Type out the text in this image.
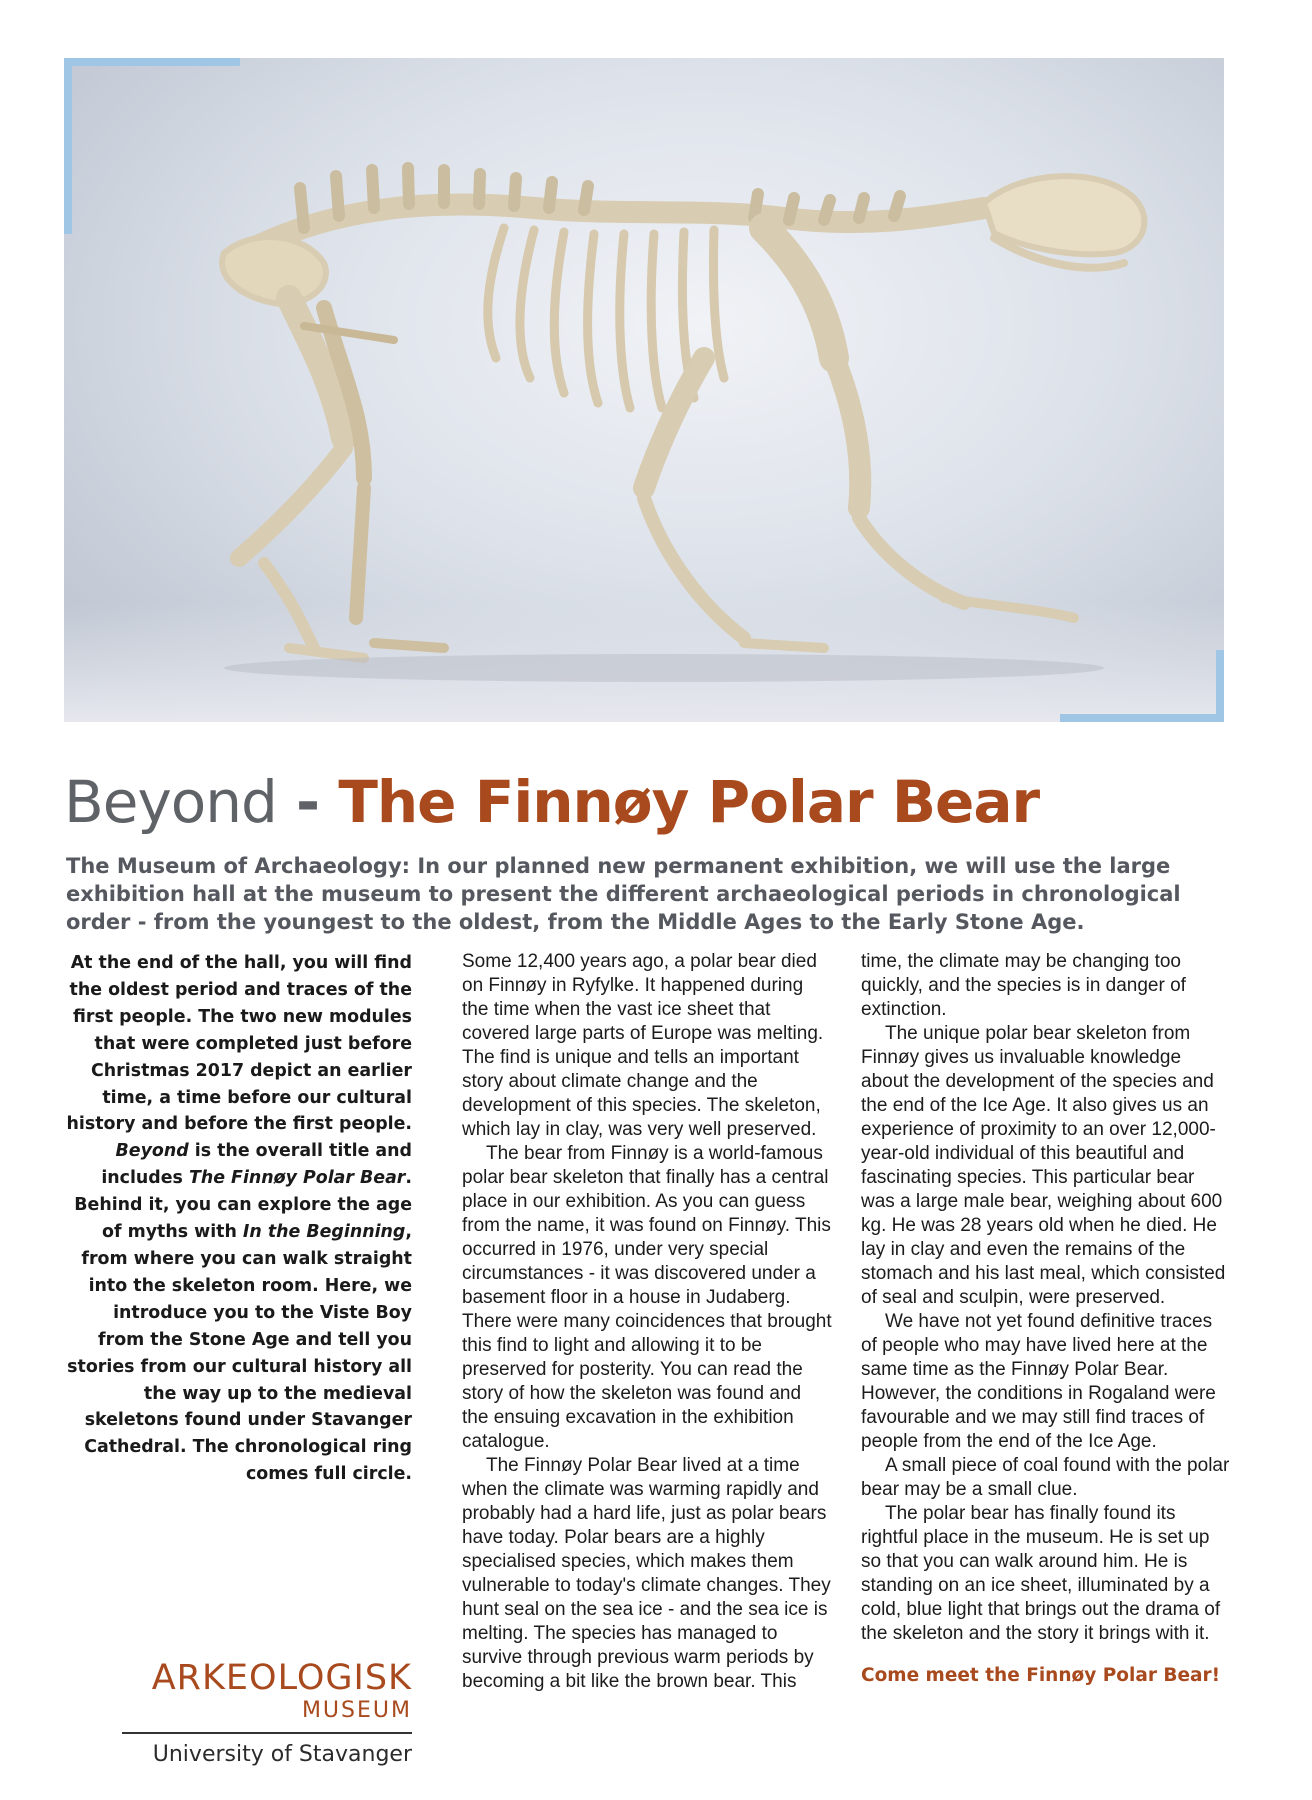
Beyond - The Finnøy Polar Bear

The Museum of Archaeology: In our planned new permanent exhibition, we will use the large exhibition hall at the museum to present the different archaeological periods in chronological order - from the youngest to the oldest, from the Middle Ages to the Early Stone Age.

At the end of the hall, you will find the oldest period and traces of the first people. The two new modules that were completed just before Christmas 2017 depict an earlier time, a time before our cultural history and before the first people.

Beyond is the overall title and includes The Finnøy Polar Bear. Behind it, you can explore the age of myths with In the Beginning, from where you can walk straight into the skeleton room. Here, we introduce you to the Viste Boy from the Stone Age and tell you stories from our cultural history all the way up to the medieval skeletons found under Stavanger Cathedral. The chronological ring comes full circle.

Some 12,400 years ago, a polar bear died on Finnøy in Ryfylke. It happened during the time when the vast ice sheet that covered large parts of Europe was melting. The find is unique and tells an important story about climate change and the development of this species. The skeleton, which lay in clay, was very well preserved.

The bear from Finnøy is a world-famous polar bear skeleton that finally has a central place in our exhibition. As you can guess from the name, it was found on Finnøy. This occurred in 1976, under very special circumstances - it was discovered under a basement floor in a house in Judaberg. There were many coincidences that brought this find to light and allowing it to be preserved for posterity. You can read the story of how the skeleton was found and the ensuing excavation in the exhibition catalogue.

The Finnøy Polar Bear lived at a time when the climate was warming rapidly and probably had a hard life, just as polar bears have today. Polar bears are a highly specialised species, which makes them vulnerable to today's climate changes. They hunt seal on the sea ice - and the sea ice is melting. The species has managed to survive through previous warm periods by becoming a bit like the brown bear. This

time, the climate may be changing too quickly, and the species is in danger of extinction.

The unique polar bear skeleton from Finnøy gives us invaluable knowledge about the development of the species and the end of the Ice Age. It also gives us an experience of proximity to an over 12,000-year-old individual of this beautiful and fascinating species. This particular bear was a large male bear, weighing about 600 kg. He was 28 years old when he died. He lay in clay and even the remains of the stomach and his last meal, which consisted of seal and sculpin, were preserved.

We have not yet found definitive traces of people who may have lived here at the same time as the Finnøy Polar Bear. However, the conditions in Rogaland were favourable and we may still find traces of people from the end of the Ice Age.

A small piece of coal found with the polar bear may be a small clue.

The polar bear has finally found its rightful place in the museum. He is set up so that you can walk around him. He is standing on an ice sheet, illuminated by a cold, blue light that brings out the drama of the skeleton and the story it brings with it.

Come meet the Finnøy Polar Bear!

ARKEOLOGISK
MUSEUM
University of Stavanger
